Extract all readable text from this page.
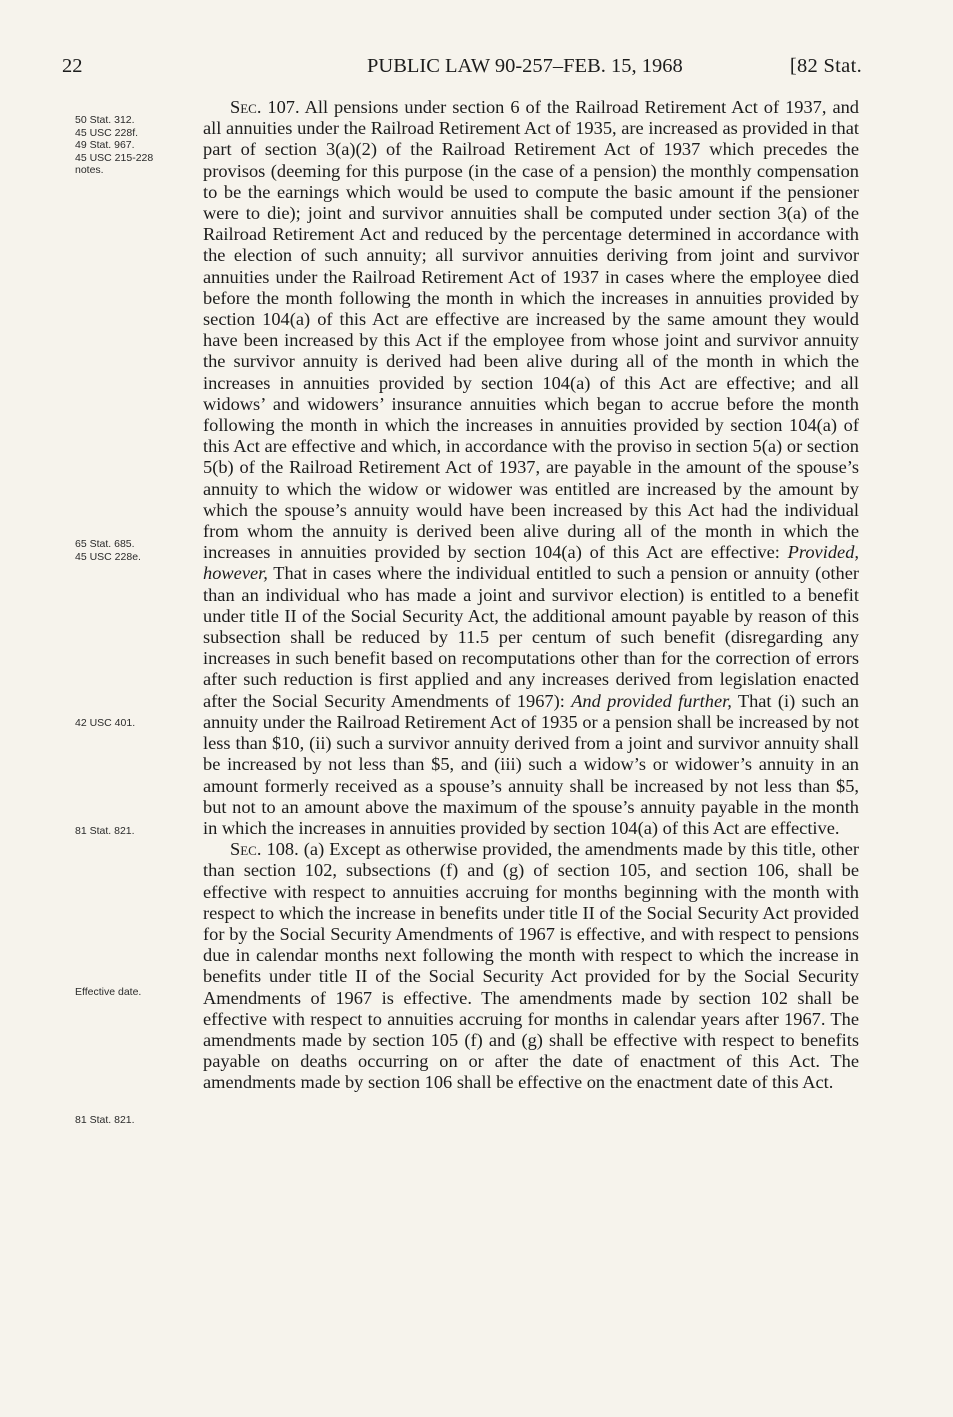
22	PUBLIC LAW 90-257–FEB. 15, 1968	[82 Stat.
50 Stat. 312.
45 USC 228f.
49 Stat. 967.
45 USC 215-228
notes.
65 Stat. 685.
45 USC 228e.
42 USC 401.
81 Stat. 821.
Effective date.
81 Stat. 821.

Sec. 107. All pensions under section 6 of the Railroad Retirement Act of 1937, and all annuities under the Railroad Retirement Act of 1935, are increased as provided in that part of section 3(a)(2) of the Railroad Retirement Act of 1937 which precedes the provisos (deeming for this purpose (in the case of a pension) the monthly compensation to be the earnings which would be used to compute the basic amount if the pensioner were to die); joint and survivor annuities shall be computed under section 3(a) of the Railroad Retirement Act and reduced by the percentage determined in accordance with the election of such annuity; all survivor annuities deriving from joint and survivor annuities under the Railroad Retirement Act of 1937 in cases where the employee died before the month following the month in which the increases in annuities provided by section 104(a) of this Act are effective are increased by the same amount they would have been increased by this Act if the employee from whose joint and survivor annuity the survivor annuity is derived had been alive during all of the month in which the increases in annuities provided by section 104(a) of this Act are effective; and all widows’ and widowers’ insurance annuities which began to accrue before the month following the month in which the increases in annuities provided by section 104(a) of this Act are effective and which, in accordance with the proviso in section 5(a) or section 5(b) of the Railroad Retirement Act of 1937, are payable in the amount of the spouse’s annuity to which the widow or widower was entitled are increased by the amount by which the spouse’s annuity would have been increased by this Act had the individual from whom the annuity is derived been alive during all of the month in which the increases in annuities provided by section 104(a) of this Act are effective: Provided, however, That in cases where the individual entitled to such a pension or annuity (other than an individual who has made a joint and survivor election) is entitled to a benefit under title II of the Social Security Act, the additional amount payable by reason of this subsection shall be reduced by 11.5 per centum of such benefit (disregarding any increases in such benefit based on recomputations other than for the correction of errors after such reduction is first applied and any increases derived from legislation enacted after the Social Security Amendments of 1967): And provided further, That (i) such an annuity under the Railroad Retirement Act of 1935 or a pension shall be increased by not less than $10, (ii) such a survivor annuity derived from a joint and survivor annuity shall be increased by not less than $5, and (iii) such a widow’s or widower’s annuity in an amount formerly received as a spouse’s annuity shall be increased by not less than $5, but not to an amount above the maximum of the spouse’s annuity payable in the month in which the increases in annuities provided by section 104(a) of this Act are effective.

Sec. 108. (a) Except as otherwise provided, the amendments made by this title, other than section 102, subsections (f) and (g) of section 105, and section 106, shall be effective with respect to annuities accruing for months beginning with the month with respect to which the increase in benefits under title II of the Social Security Act provided for by the Social Security Amendments of 1967 is effective, and with respect to pensions due in calendar months next following the month with respect to which the increase in benefits under title II of the Social Security Act provided for by the Social Security Amendments of 1967 is effective. The amendments made by section 102 shall be effective with respect to annuities accruing for months in calendar years after 1967. The amendments made by section 105 (f) and (g) shall be effective with respect to benefits payable on deaths occurring on or after the date of enactment of this Act. The amendments made by section 106 shall be effective on the enactment date of this Act.
